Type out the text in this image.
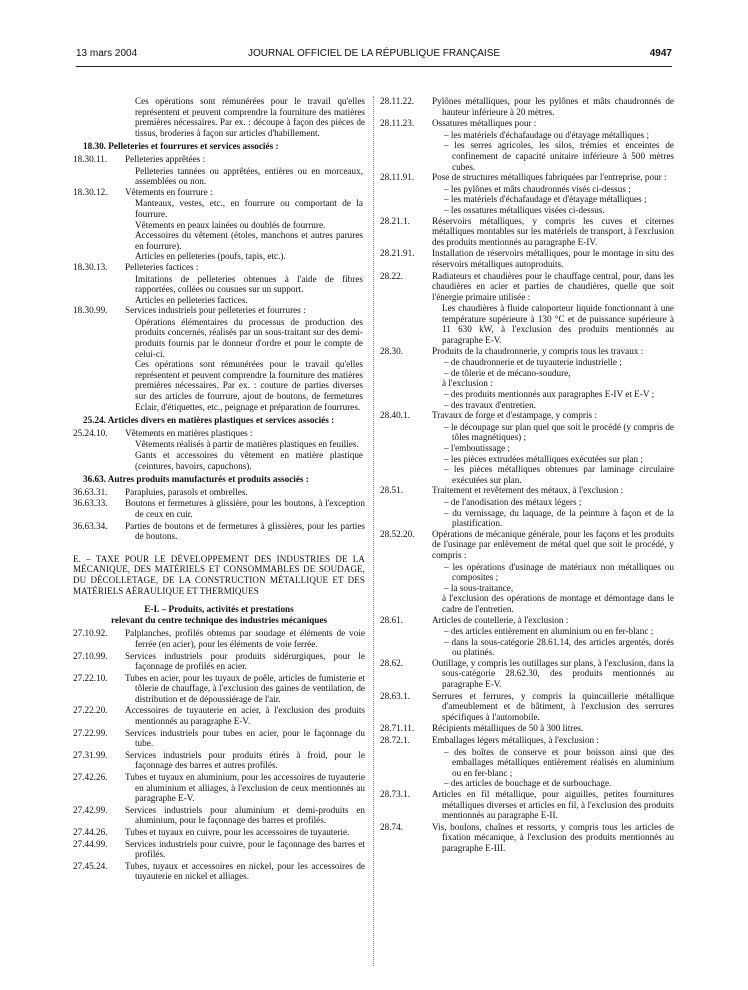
13 mars 2004	JOURNAL OFFICIEL DE LA RÉPUBLIQUE FRANÇAISE	4947

Ces opérations sont rémunérées pour le travail qu'elles représentent et peuvent comprendre la fourniture des matières premières nécessaires. Par ex. : découpe à façon des pièces de tissus, broderies à façon sur articles d'habillement.

18.30. Pelleteries et fourrures et services associés :
18.30.11. Pelleteries apprêtées :

Pelleteries tannées ou apprêtées, entières ou en morceaux, assemblées ou non.

18.30.12. Vêtements en fourrure :

Manteaux, vestes, etc., en fourrure ou comportant de la fourrure.

Vêtements en peaux lainées ou doublés de fourrure.

Accessoires du vêtement (étoles, manchons et autres parures en fourrure).

Articles en pelleteries (poufs, tapis, etc.).

18.30.13. Pelleteries factices :

Imitations de pelleteries obtenues à l'aide de fibres rapportées, collées ou cousues sur un support.

Articles en pelleteries factices.

18.30.99. Services industriels pour pelleteries et fourrures :

Opérations élémentaires du processus de production des produits concernés, réalisés par un sous-traitant sur des demi-produits fournis par le donneur d'ordre et pour le compte de celui-ci.

Ces opérations sont rémunérées pour le travail qu'elles représentent et peuvent comprendre la fourniture des matières premières nécessaires. Par ex. : couture de parties diverses sur des articles de fourrure, ajout de boutons, de fermetures Eclair, d'étiquettes, etc., peignage et préparation de fourrures.

25.24. Articles divers en matières plastiques et services associés :
25.24.10. Vêtements en matières plastiques :

Vêtements réalisés à partir de matières plastiques en feuilles.

Gants et accessoires du vêtement en matière plastique (ceintures, bavoirs, capuchons).

36.63. Autres produits manufacturés et produits associés :
36.63.31. Parapluies, parasols et ombrelles.
36.63.33. Boutons et fermetures à glissière, pour les boutons, à l'exception de ceux en cuir.
36.63.34. Parties de boutons et de fermetures à glissières, pour les parties de boutons.
E. – TAXE POUR LE DÉVELOPPEMENT DES INDUSTRIES DE LA MÉCANIQUE, DES MATÉRIELS ET CONSOMMABLES DE SOUDAGE, DU DÉCOLLETAGE, DE LA CONSTRUCTION MÉTALLIQUE ET DES MATÉRIELS AÉRAULIQUE ET THERMIQUES
E-I. – Produits, activités et prestations
relevant du centre technique des industries mécaniques
27.10.92. Palplanches, profilés obtenus par soudage et éléments de voie ferrée (en acier), pour les éléments de voie ferrée.
27.10.99. Services industriels pour produits sidérurgiques, pour le façonnage de profilés en acier.
27.22.10. Tubes en acier, pour les tuyaux de poêle, articles de fumisterie et tôlerie de chauffage, à l'exclusion des gaines de ventilation, de distribution et de dépoussiérage de l'air.
27.22.20. Accessoires de tuyauterie en acier, à l'exclusion des produits mentionnés au paragraphe E-V.
27.22.99. Services industriels pour tubes en acier, pour le façonnage du tube.
27.31.99. Services industriels pour produits étirés à froid, pour le façonnage des barres et autres profilés.
27.42.26. Tubes et tuyaux en aluminium, pour les accessoires de tuyauterie en aluminium et alliages, à l'exclusion de ceux mentionnés au paragraphe E-V.
27.42.99. Services industriels pour aluminium et demi-produits en aluminium, pour le façonnage des barres et profilés.
27.44.26. Tubes et tuyaux en cuivre, pour les accessoires de tuyauterie.
27.44.99. Services industriels pour cuivre, pour le façonnage des barres et profilés.
27.45.24. Tubes, tuyaux et accessoires en nickel, pour les accessoires de tuyauterie en nickel et alliages.
28.11.22. Pylônes métalliques, pour les pylônes et mâts chaudronnés de hauteur inférieure à 20 mètres.
28.11.23. Ossatures métalliques pour :

– les matériels d'échafaudage ou d'étayage métalliques ;

– les serres agricoles, les silos, trémies et enceintes de confinement de capacité unitaire inférieure à 500 mètres cubes.

28.11.91. Pose de structures métalliques fabriquées par l'entreprise, pour :

– les pylônes et mâts chaudronnés visés ci-dessus ;

– les matériels d'échafaudage et d'étayage métalliques ;

– les ossatures métalliques visées ci-dessus.

28.21.1. Réservoirs métalliques, y compris les cuves et citernes métalliques montables sur les matériels de transport, à l'exclusion des produits mentionnés au paragraphe E-IV.
28.21.91. Installation de réservoirs métalliques, pour le montage in situ des réservoirs métalliques autoproduits.
28.22.	Radiateurs et chaudières pour le chauffage central, pour, dans les chaudières en acier et parties de chaudières, quelle que soit l'énergie primaire utilisée :

Les chaudières à fluide caloporteur liquide fonctionnant à une température supérieure à 130 °C et de puissance supérieure à 11 630 kW, à l'exclusion des produits mentionnés au paragraphe E-V.

28.30.	Produits de la chaudronnerie, y compris tous les travaux :

– de chaudronnerie et de tuyauterie industrielle ;

– de tôlerie et de mécano-soudure,

à l'exclusion :

– des produits mentionnés aux paragraphes E-IV et E-V ;

– des travaux d'entretien.

28.40.1. Travaux de forge et d'estampage, y compris :

– le découpage sur plan quel que soit le procédé (y compris de tôles magnétiques) ;

– l'emboutissage ;

– les pièces extrudées métalliques exécutées sur plan ;

– les pièces métalliques obtenues par laminage circulaire exécutées sur plan.

28.51.	Traitement et revêtement des métaux, à l'exclusion :

– de l'anodisation des métaux légers ;

– du vernissage, du laquage, de la peinture à façon et de la plastification.

28.52.20. Opérations de mécanique générale, pour les façons et les produits de l'usinage par enlèvement de métal quel que soit le procédé, y compris :

– les opérations d'usinage de matériaux non métalliques ou composites ;

– la sous-traitance,

à l'exclusion des opérations de montage et démontage dans le cadre de l'entretien.

28.61.	Articles de coutellerie, à l'exclusion :

– des articles entièrement en aluminium ou en fer-blanc ;

– dans la sous-catégorie 28.61.14, des articles argentés, dorés ou platinés.

28.62.	Outillage, y compris les outillages sur plans, à l'exclusion, dans la sous-catégorie 28.62.30, des produits mentionnés au paragraphe E-V.
28.63.1. Serrures et ferrures, y compris la quincaillerie métallique d'ameublement et de bâtiment, à l'exclusion des serrures spécifiques à l'automobile.
28.71.11. Récipients métalliques de 50 à 300 litres.
28.72.1. Emballages légers métalliques, à l'exclusion :

– des boîtes de conserve et pour boisson ainsi que des emballages métalliques entièrement réalisés en aluminium ou en fer-blanc ;

– des articles de bouchage et de surbouchage.

28.73.1. Articles en fil métallique, pour aiguilles, petites fournitures métalliques diverses et articles en fil, à l'exclusion des produits mentionnés au paragraphe E-II.
28.74.	Vis, boulons, chaînes et ressorts, y compris tous les articles de fixation mécanique, à l'exclusion des produits mentionnés au paragraphe E-III.
